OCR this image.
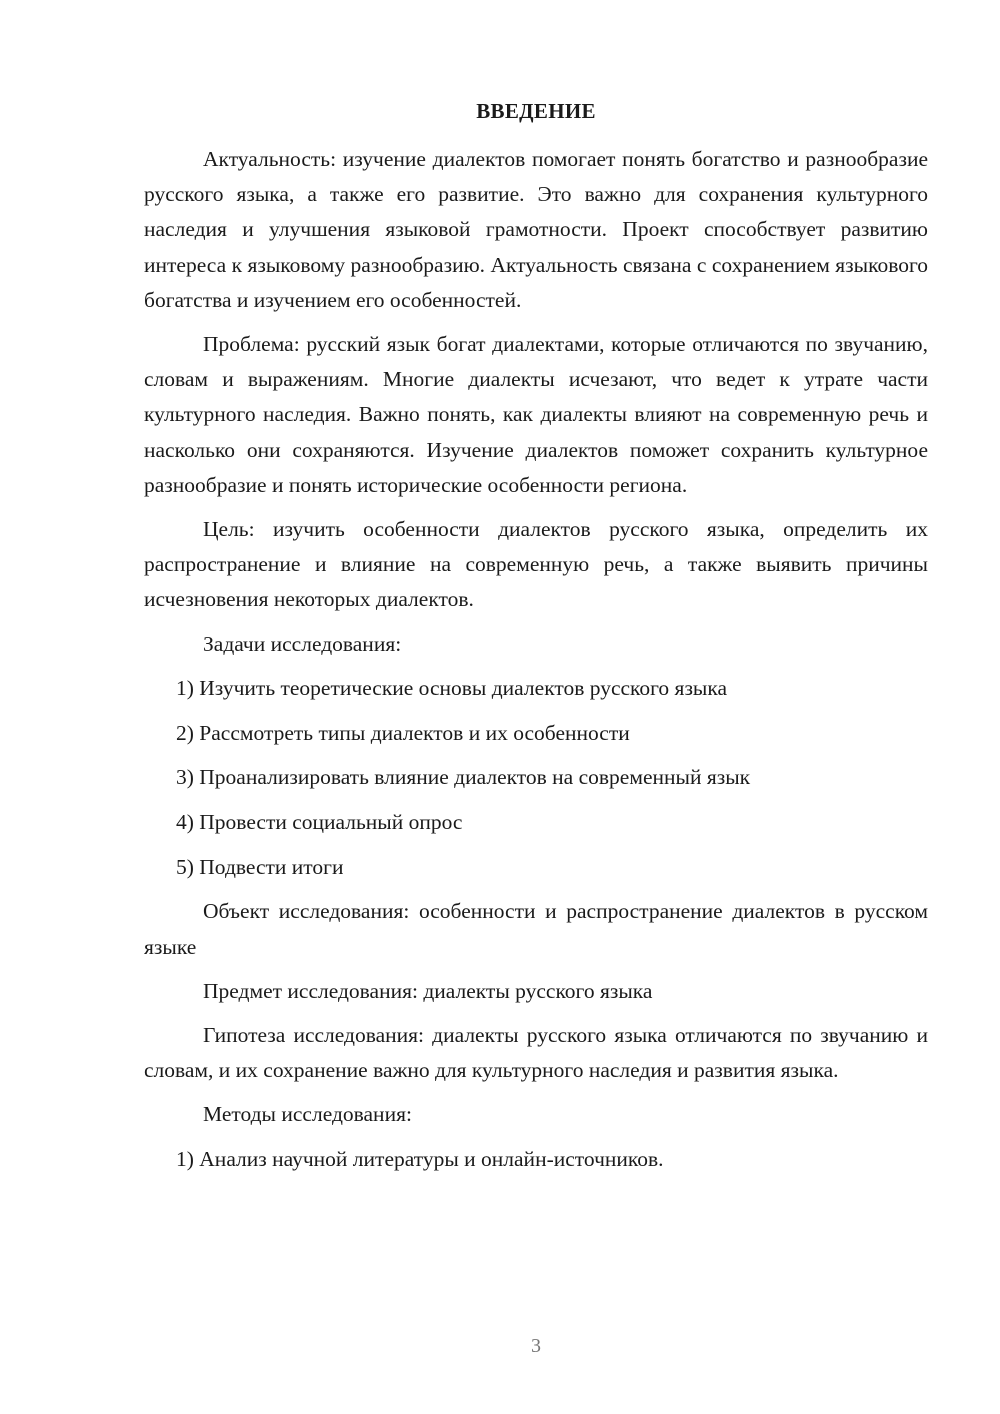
ВВЕДЕНИЕ

Актуальность: изучение диалектов помогает понять богатство и разнообразие русского языка, а также его развитие. Это важно для сохранения культурного наследия и улучшения языковой грамотности. Проект способствует развитию интереса к языковому разнообразию. Актуальность связана с сохранением языкового богатства и изучением его особенностей.

Проблема: русский язык богат диалектами, которые отличаются по звучанию, словам и выражениям. Многие диалекты исчезают, что ведет к утрате части культурного наследия. Важно понять, как диалекты влияют на современную речь и насколько они сохраняются. Изучение диалектов поможет сохранить культурное разнообразие и понять исторические особенности региона.

Цель: изучить особенности диалектов русского языка, определить их распространение и влияние на современную речь, а также выявить причины исчезновения некоторых диалектов.

Задачи исследования:

1) Изучить теоретические основы диалектов русского языка

2) Рассмотреть типы диалектов и их особенности

3) Проанализировать влияние диалектов на современный язык

4) Провести социальный опрос

5) Подвести итоги

Объект исследования: особенности и распространение диалектов в русском языке

Предмет исследования: диалекты русского языка

Гипотеза исследования: диалекты русского языка отличаются по звучанию и словам, и их сохранение важно для культурного наследия и развития языка.

Методы исследования:

1) Анализ научной литературы и онлайн-источников.

3
